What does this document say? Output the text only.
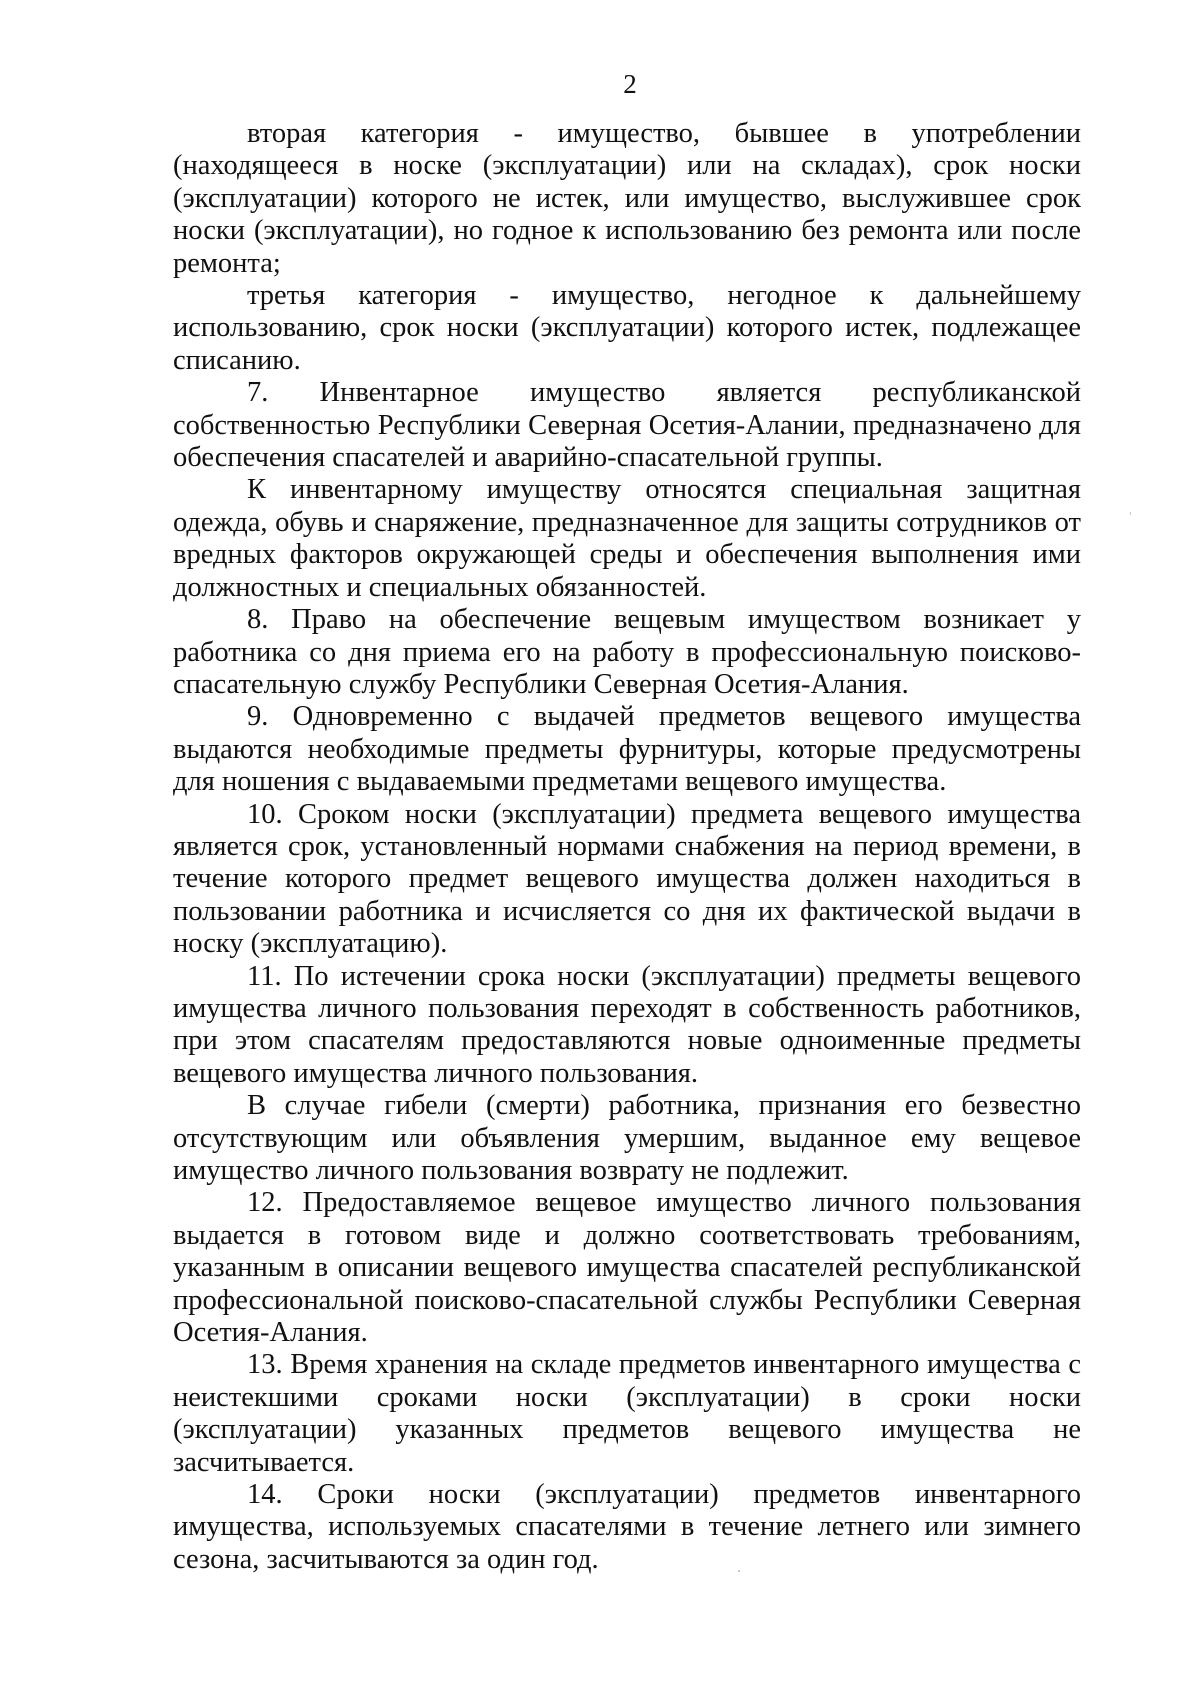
2

вторая категория - имущество, бывшее в употреблении (находящееся в носке (эксплуатации) или на складах), срок носки (эксплуатации) которого не истек, или имущество, выслужившее срок носки (эксплуатации), но годное к использованию без ремонта или после ремонта;

третья категория - имущество, негодное к дальнейшему использованию, срок носки (эксплуатации) которого истек, подлежащее списанию.

7. Инвентарное имущество является республиканской собственностью Республики Северная Осетия-Алании, предназначено для обеспечения спасателей и аварийно-спасательной группы.

К инвентарному имуществу относятся специальная защитная одежда, обувь и снаряжение, предназначенное для защиты сотрудников от вредных факторов окружающей среды и обеспечения выполнения ими должностных и специальных обязанностей.

8. Право на обеспечение вещевым имуществом возникает у работника со дня приема его на работу в профессиональную поисково-спасательную службу Республики Северная Осетия-Алания.

9. Одновременно с выдачей предметов вещевого имущества выдаются необходимые предметы фурнитуры, которые предусмотрены для ношения с выдаваемыми предметами вещевого имущества.

10. Сроком носки (эксплуатации) предмета вещевого имущества является срок, установленный нормами снабжения на период времени, в течение которого предмет вещевого имущества должен находиться в пользовании работника и исчисляется со дня их фактической выдачи в носку (эксплуатацию).

11. По истечении срока носки (эксплуатации) предметы вещевого имущества личного пользования переходят в собственность работников, при этом спасателям предоставляются новые одноименные предметы вещевого имущества личного пользования.

В случае гибели (смерти) работника, признания его безвестно отсутствующим или объявления умершим, выданное ему вещевое имущество личного пользования возврату не подлежит.

12. Предоставляемое вещевое имущество личного пользования выдается в готовом виде и должно соответствовать требованиям, указанным в описании вещевого имущества спасателей республиканской профессиональной поисково-спасательной службы Республики Северная Осетия-Алания.

13. Время хранения на складе предметов инвентарного имущества с неистекшими сроками носки (эксплуатации) в сроки носки (эксплуатации) указанных предметов вещевого имущества не засчитывается.

14. Сроки носки (эксплуатации) предметов инвентарного имущества, используемых спасателями в течение летнего или зимнего сезона, засчитываются за один год.
